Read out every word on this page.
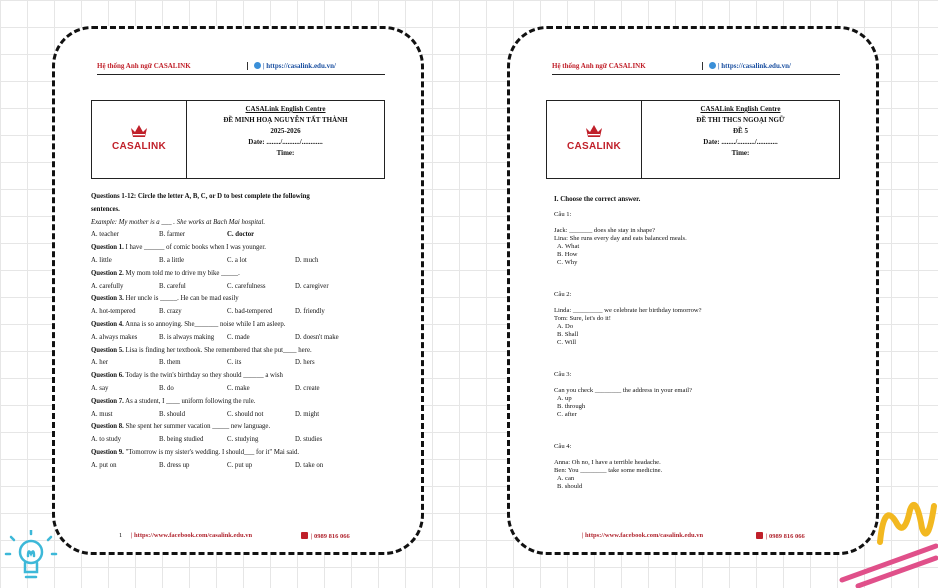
Hệ thống Anh ngữ CASALINK	| https://casalink.edu.vn/
CASALINK
CASALink English Centre
ĐỀ MINH HOẠ NGUYỄN TẤT THÀNH
2025-2026
Date: ......../........../............
Time:
Questions 1-12: Circle the letter A, B, C, or D to best complete the following
sentences.
Example: My mother is a ___ . She works at Bach Mai hospital.
A. teacher	B. farmer	C. doctor
Question 1. I have ______ of comic books when I was younger.
A. little	B. a little	C. a lot	D. much
Question 2. My mom told me to drive my bike _____.
A. carefully	B. careful	C. carefulness	D. caregiver
Question 3. Her uncle is _____. He can be mad easily
A. hot-tempered	B. crazy	C. bad-tempered	D. friendly
Question 4. Anna is so annoying. She_______ noise while I am asleep.
A. always makes	B. is always making C. made	D. doesn't make
Question 5. Lisa is finding her textbook. She remembered that she put____ here.
A. her	B. them	C. its	D. hers
Question 6. Today is the twin's birthday so they should ______ a wish
A. say	B. do	C. make	D. create
Question 7. As a student, I ____ uniform following the rule.
A. must	B. should	C. should not	D. might
Question 8. She spent her summer vacation _____ new language.
A. to study	B. being studied	C. studying	D. studies
Question 9. "Tomorrow is my sister's wedding. I should___ for it" Mai said.
A. put on	B. dress up	C. put up	D. take on
1 | https://www.facebook.com/casalink.edu.vn	| 0989 816 066
Hệ thống Anh ngữ CASALINK	| https://casalink.edu.vn/
CASALINK
CASALink English Centre
ĐỀ THI THCS NGOẠI NGỮ
ĐỀ 5
Date: ......../........../............
Time:
I. Choose the correct answer.
Câu 1:
Jack: _______ does she stay in shape?
Lina: She runs every day and eats balanced meals.
A. What
B. How
C. Why
Câu 2:
Linda: _________ we celebrate her birthday tomorrow?
Tom: Sure, let's do it!
A. Do
B. Shall
C. Will
Câu 3:
Can you check ________ the address in your email?
A. up
B. through
C. after
Câu 4:
Anna: Oh no, I have a terrible headache.
Ben: You ________ take some medicine.
A. can
B. should
| https://www.facebook.com/casalink.edu.vn	| 0989 816 066
